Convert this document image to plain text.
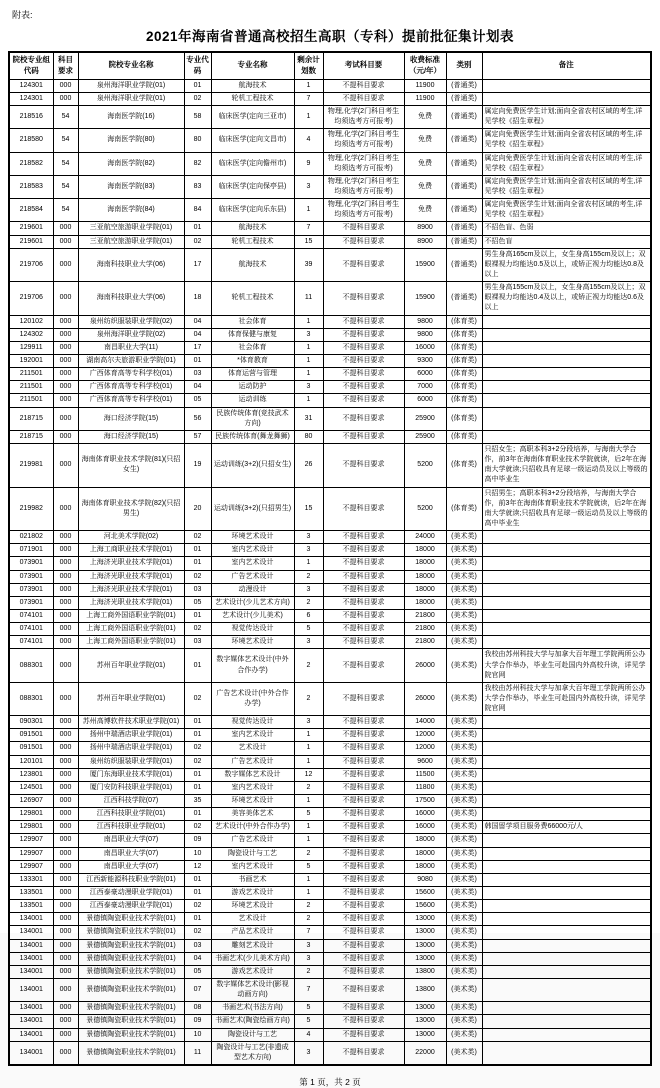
附表:
2021年海南省普通高校招生高职（专科）提前批征集计划表
院校专业组代码	科目要求	院校专业名称	专业代码	专业名称	剩余计划数	考试科目要	收费标准（元/年）	类别	备注
124301	000	泉州海洋职业学院(01)	01	航海技术	1	不提科目要求	11900	(普通类)	
124301	000	泉州海洋职业学院(01)	02	轮机工程技术	7	不提科目要求	11900	(普通类)	
218516	54	海南医学院(16)	58	临床医学(定向三亚市)	1	物理,化学(2门科目考生均须选考方可报考)	免费	(普通类)	属定向免费医学生计划;面向全省农村区域的考生,详见学校《招生章程》
218580	54	海南医学院(80)	80	临床医学(定向文昌市)	4	物理,化学(2门科目考生均须选考方可报考)	免费	(普通类)	属定向免费医学生计划;面向全省农村区域的考生,详见学校《招生章程》
218582	54	海南医学院(82)	82	临床医学(定向儋州市)	9	物理,化学(2门科目考生均须选考方可报考)	免费	(普通类)	属定向免费医学生计划;面向全省农村区域的考生,详见学校《招生章程》
218583	54	海南医学院(83)	83	临床医学(定向保亭县)	3	物理,化学(2门科目考生均须选考方可报考)	免费	(普通类)	属定向免费医学生计划;面向全省农村区域的考生,详见学校《招生章程》
218584	54	海南医学院(84)	84	临床医学(定向乐东县)	1	物理,化学(2门科目考生均须选考方可报考)	免费	(普通类)	属定向免费医学生计划;面向全省农村区域的考生,详见学校《招生章程》
219601	000	三亚航空旅游职业学院(01)	01	航海技术	7	不提科目要求	8900	(普通类)	不招色盲、色弱
219601	000	三亚航空旅游职业学院(01)	02	轮机工程技术	15	不提科目要求	8900	(普通类)	不招色盲
219706	000	海南科技职业大学(06)	17	航海技术	39	不提科目要求	15900	(普通类)	男生身高165cm及以上，女生身高155cm及以上；双眼裸视力均能达0.5及以上，或矫正视力均能达0.8及以上
219706	000	海南科技职业大学(06)	18	轮机工程技术	11	不提科目要求	15900	(普通类)	男生身高155cm及以上，女生身高155cm及以上；双眼裸视力均能达0.4及以上，或矫正视力均能达0.6及以上
120102	000	泉州纺织服装职业学院(02)	04	社会体育	1	不提科目要求	9800	(体育类)	
124302	000	泉州海洋职业学院(02)	04	体育保健与康复	3	不提科目要求	9800	(体育类)	
129911	000	南昌职业大学(11)	17	社会体育	1	不提科目要求	16000	(体育类)	
192001	000	湖南高尔夫旅游职业学院(01)	01	*体育教育	1	不提科目要求	9300	(体育类)	
211501	000	广西体育高等专科学校(01)	03	体育运营与管理	1	不提科目要求	6000	(体育类)	
211501	000	广西体育高等专科学校(01)	04	运动防护	3	不提科目要求	7000	(体育类)	
211501	000	广西体育高等专科学校(01)	05	运动训练	1	不提科目要求	6000	(体育类)	
218715	000	海口经济学院(15)	56	民族传统体育(竞技武术方向)	31	不提科目要求	25900	(体育类)	
218715	000	海口经济学院(15)	57	民族传统体育(舞龙舞狮)	80	不提科目要求	25900	(体育类)	
219981	000	海南体育职业技术学院(81)(只招女生)	19	运动训练(3+2)(只招女生)	26	不提科目要求	5200	(体育类)	只招女生；高职本科3+2分段培养，与海南大学合作，前3年在海南体育职业技术学院就读，后2年在海南大学就读;只招收具有足球一级运动员及以上等级的高中毕业生
219982	000	海南体育职业技术学院(82)(只招男生)	20	运动训练(3+2)(只招男生)	15	不提科目要求	5200	(体育类)	只招男生；高职本科3+2分段培养，与海南大学合作，前3年在海南体育职业技术学院就读，后2年在海南大学就读;只招收具有足球一级运动员及以上等级的高中毕业生
021802	000	河北美术学院(02)	02	环境艺术设计	3	不提科目要求	24000	(美术类)	
071901	000	上海工商职业技术学院(01)	01	室内艺术设计	3	不提科目要求	18000	(美术类)	
073901	000	上海济光职业技术学院(01)	01	室内艺术设计	1	不提科目要求	18000	(美术类)	
073901	000	上海济光职业技术学院(01)	02	广告艺术设计	2	不提科目要求	18000	(美术类)	
073901	000	上海济光职业技术学院(01)	03	动漫设计	3	不提科目要求	18000	(美术类)	
073901	000	上海济光职业技术学院(01)	05	艺术设计(少儿艺术方向)	2	不提科目要求	18000	(美术类)	
074101	000	上海工商外国语职业学院(01)	01	艺术设计(少儿美术)	6	不提科目要求	21800	(美术类)	
074101	000	上海工商外国语职业学院(01)	02	视觉传达设计	5	不提科目要求	21800	(美术类)	
074101	000	上海工商外国语职业学院(01)	03	环境艺术设计	3	不提科目要求	21800	(美术类)	
088301	000	苏州百年职业学院(01)	01	数字媒体艺术设计(中外合作办学)	2	不提科目要求	26000	(美术类)	我校由苏州科技大学与加拿大百年理工学院两所公办大学合作举办，毕业生可赴国内外高校升读，详见学院官网
088301	000	苏州百年职业学院(01)	02	广告艺术设计(中外合作办学)	2	不提科目要求	26000	(美术类)	我校由苏州科技大学与加拿大百年理工学院两所公办大学合作举办，毕业生可赴国内外高校升读，详见学院官网
090301	000	苏州高博软件技术职业学院(01)	01	视觉传达设计	3	不提科目要求	14000	(美术类)	
091501	000	扬州中瑞酒店职业学院(01)	01	室内艺术设计	1	不提科目要求	12000	(美术类)	
091501	000	扬州中瑞酒店职业学院(01)	02	艺术设计	1	不提科目要求	12000	(美术类)	
120101	000	泉州纺织服装职业学院(01)	02	广告艺术设计	1	不提科目要求	9600	(美术类)	
123801	000	厦门东海职业技术学院(01)	01	数字媒体艺术设计	12	不提科目要求	11500	(美术类)	
124501	000	厦门安防科技职业学院(01)	01	室内艺术设计	2	不提科目要求	11800	(美术类)	
126907	000	江西科技学院(07)	35	环境艺术设计	1	不提科目要求	17500	(美术类)	
129801	000	江西科技职业学院(01)	01	美容美体艺术	5	不提科目要求	16000	(美术类)	
129801	000	江西科技职业学院(01)	02	艺术设计(中外合作办学)	1	不提科目要求	16000	(美术类)	韩国留学项目服务费66000元/人
129907	000	南昌职业大学(07)	09	广告艺术设计	1	不提科目要求	18000	(美术类)	
129907	000	南昌职业大学(07)	10	陶瓷设计与工艺	2	不提科目要求	18000	(美术类)	
129907	000	南昌职业大学(07)	12	室内艺术设计	5	不提科目要求	18000	(美术类)	
133301	000	江西新能源科技职业学院(01)	01	书画艺术	1	不提科目要求	9080	(美术类)	
133501	000	江西泰豪动漫职业学院(01)	01	游戏艺术设计	1	不提科目要求	15600	(美术类)	
133501	000	江西泰豪动漫职业学院(01)	02	环境艺术设计	2	不提科目要求	15600	(美术类)	
134001	000	景德镇陶瓷职业技术学院(01)	01	艺术设计	2	不提科目要求	13000	(美术类)	
134001	000	景德镇陶瓷职业技术学院(01)	02	产品艺术设计	7	不提科目要求	13000	(美术类)	
134001	000	景德镇陶瓷职业技术学院(01)	03	雕刻艺术设计	3	不提科目要求	13000	(美术类)	
134001	000	景德镇陶瓷职业技术学院(01)	04	书画艺术(少儿美术方向)	3	不提科目要求	13000	(美术类)	
134001	000	景德镇陶瓷职业技术学院(01)	05	游戏艺术设计	2	不提科目要求	13800	(美术类)	
134001	000	景德镇陶瓷职业技术学院(01)	07	数字媒体艺术设计(影视动画方向)	7	不提科目要求	13800	(美术类)	
134001	000	景德镇陶瓷职业技术学院(01)	08	书画艺术(书法方向)	5	不提科目要求	13000	(美术类)	
134001	000	景德镇陶瓷职业技术学院(01)	09	书画艺术(陶瓷绘画方向)	5	不提科目要求	13000	(美术类)	
134001	000	景德镇陶瓷职业技术学院(01)	10	陶瓷设计与工艺	4	不提科目要求	13000	(美术类)	
134001	000	景德镇陶瓷职业技术学院(01)	11	陶瓷设计与工艺(非遗成型艺术方向)	3	不提科目要求	22000	(美术类)	
第 1 页，共 2 页
